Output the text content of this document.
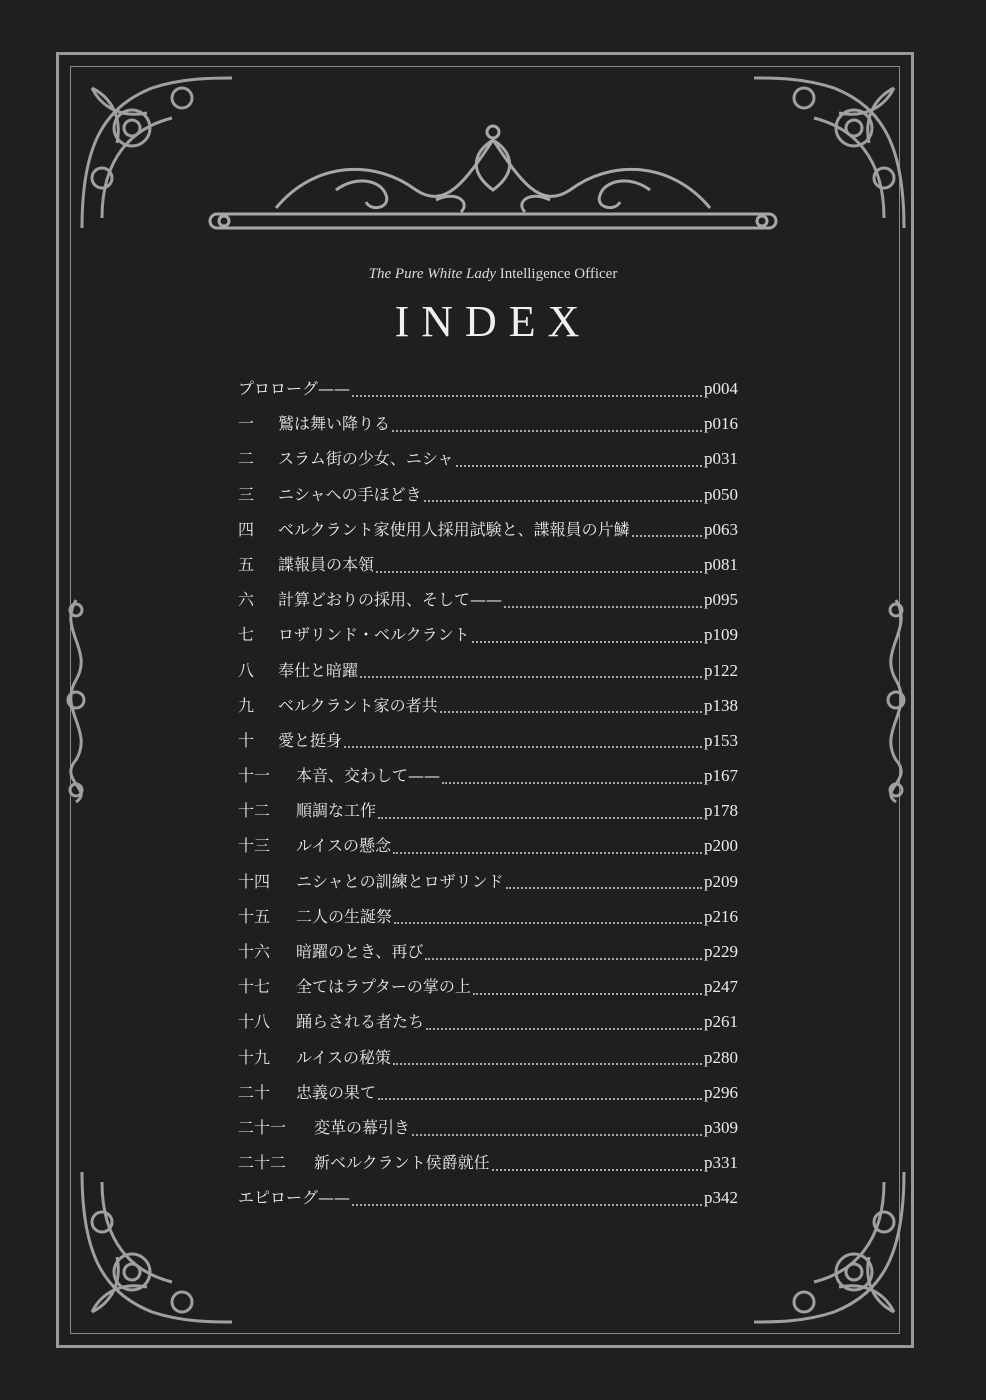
The Pure White Lady Intelligence Officer
INDEX
プロローグ——	p004
一	鷲は舞い降りる	p016
二	スラム街の少女、ニシャ	p031
三	ニシャへの手ほどき	p050
四	ベルクラント家使用人採用試験と、諜報員の片鱗	p063
五	諜報員の本領	p081
六	計算どおりの採用、そして——	p095
七	ロザリンド・ベルクラント	p109
八	奉仕と暗躍	p122
九	ベルクラント家の者共	p138
十	愛と挺身	p153
十一	本音、交わして——	p167
十二	順調な工作	p178
十三	ルイスの懸念	p200
十四	ニシャとの訓練とロザリンド	p209
十五	二人の生誕祭	p216
十六	暗躍のとき、再び	p229
十七	全てはラプターの掌の上	p247
十八	踊らされる者たち	p261
十九	ルイスの秘策	p280
二十	忠義の果て	p296
二十一	変革の幕引き	p309
二十二	新ベルクラント侯爵就任	p331
エピローグ——	p342
